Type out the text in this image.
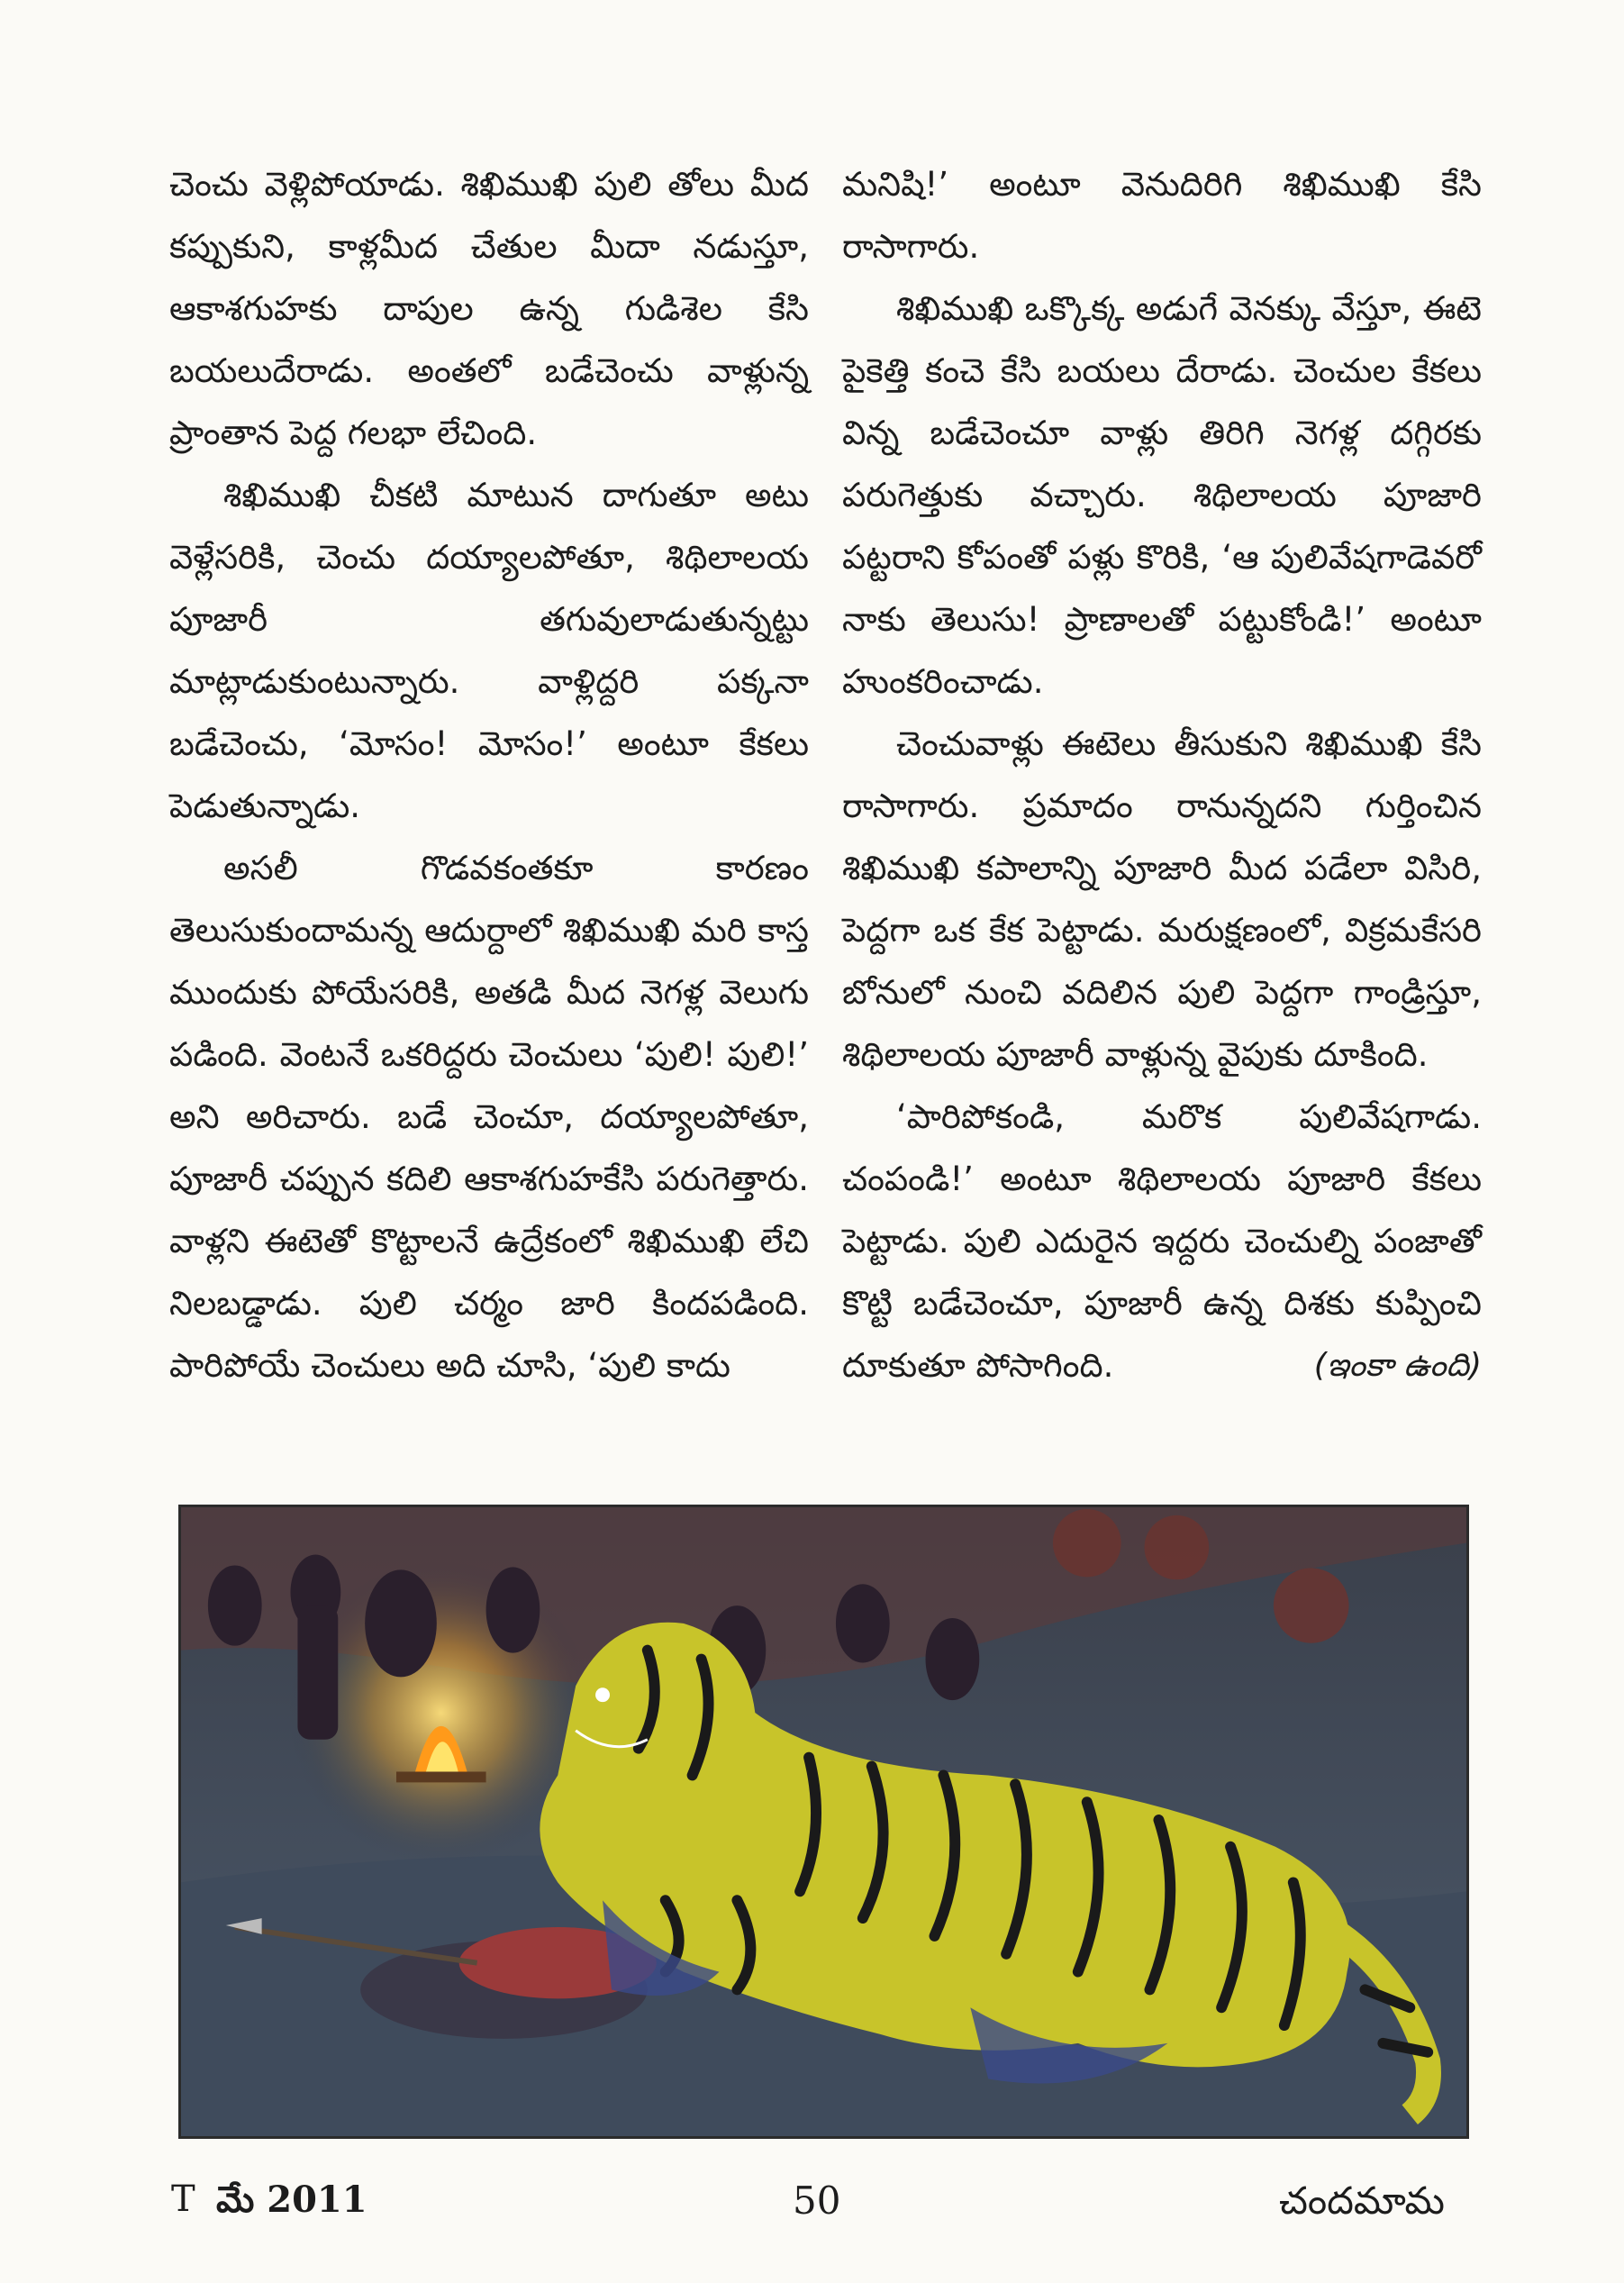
చెంచు వెళ్లిపోయాడు. శిఖిముఖి పులి తోలు మీద కప్పుకుని, కాళ్లమీద చేతుల మీదా నడుస్తూ, ఆకాశగుహకు దాపుల ఉన్న గుడిశెల కేసి బయలుదేరాడు. అంతలో బడేచెంచు వాళ్లున్న ప్రాంతాన పెద్ద గలభా లేచింది.

శిఖిముఖి చీకటి మాటున దాగుతూ అటు వెళ్లేసరికి, చెంచు దయ్యాలపోతూ, శిథిలాలయ పూజారీ తగువులాడుతున్నట్టు మాట్లాడుకుంటున్నారు. వాళ్లిద్దరి పక్కనా బడేచెంచు, ‘మోసం! మోసం!’ అంటూ కేకలు పెడుతున్నాడు.

అసలీ గొడవకంతకూ కారణం తెలుసుకుందామన్న ఆదుర్దాలో శిఖిముఖి మరి కాస్త ముందుకు పోయేసరికి, అతడి మీద నెగళ్ల వెలుగు పడింది. వెంటనే ఒకరిద్దరు చెంచులు ‘పులి! పులి!’ అని అరిచారు. బడే చెంచూ, దయ్యాలపోతూ, పూజారీ చప్పున కదిలి ఆకాశగుహకేసి పరుగెత్తారు. వాళ్లని ఈటెతో కొట్టాలనే ఉద్రేకంలో శిఖిముఖి లేచి నిలబడ్డాడు. పులి చర్మం జారి కిందపడింది. పారిపోయే చెంచులు అది చూసి, ‘పులి కాదు

మనిషి!’ అంటూ వెనుదిరిగి శిఖిముఖి కేసి రాసాగారు.

శిఖిముఖి ఒక్కొక్క అడుగే వెనక్కు వేస్తూ, ఈటె పైకెత్తి కంచె కేసి బయలు దేరాడు. చెంచుల కేకలు విన్న బడేచెంచూ వాళ్లు తిరిగి నెగళ్ల దగ్గిరకు పరుగెత్తుకు వచ్చారు. శిథిలాలయ పూజారి పట్టరాని కోపంతో పళ్లు కొరికి, ‘ఆ పులివేషగాడెవరో నాకు తెలుసు! ప్రాణాలతో పట్టుకోండి!’ అంటూ హుంకరించాడు.

చెంచువాళ్లు ఈటెలు తీసుకుని శిఖిముఖి కేసి రాసాగారు. ప్రమాదం రానున్నదని గుర్తించిన శిఖిముఖి కపాలాన్ని పూజారి మీద పడేలా విసిరి, పెద్దగా ఒక కేక పెట్టాడు. మరుక్షణంలో, విక్రమకేసరి బోనులో నుంచి వదిలిన పులి పెద్దగా గాండ్రిస్తూ, శిథిలాలయ పూజారీ వాళ్లున్న వైపుకు దూకింది.

‘పారిపోకండి, మరొక పులివేషగాడు. చంపండి!’ అంటూ శిథిలాలయ పూజారి కేకలు పెట్టాడు. పులి ఎదురైన ఇద్దరు చెంచుల్ని పంజాతో కొట్టి బడేచెంచూ, పూజారీ ఉన్న దిశకు కుప్పించి దూకుతూ పోసాగింది.	(ఇంకా ఉంది)

T మే 2011	50	చందమామ
